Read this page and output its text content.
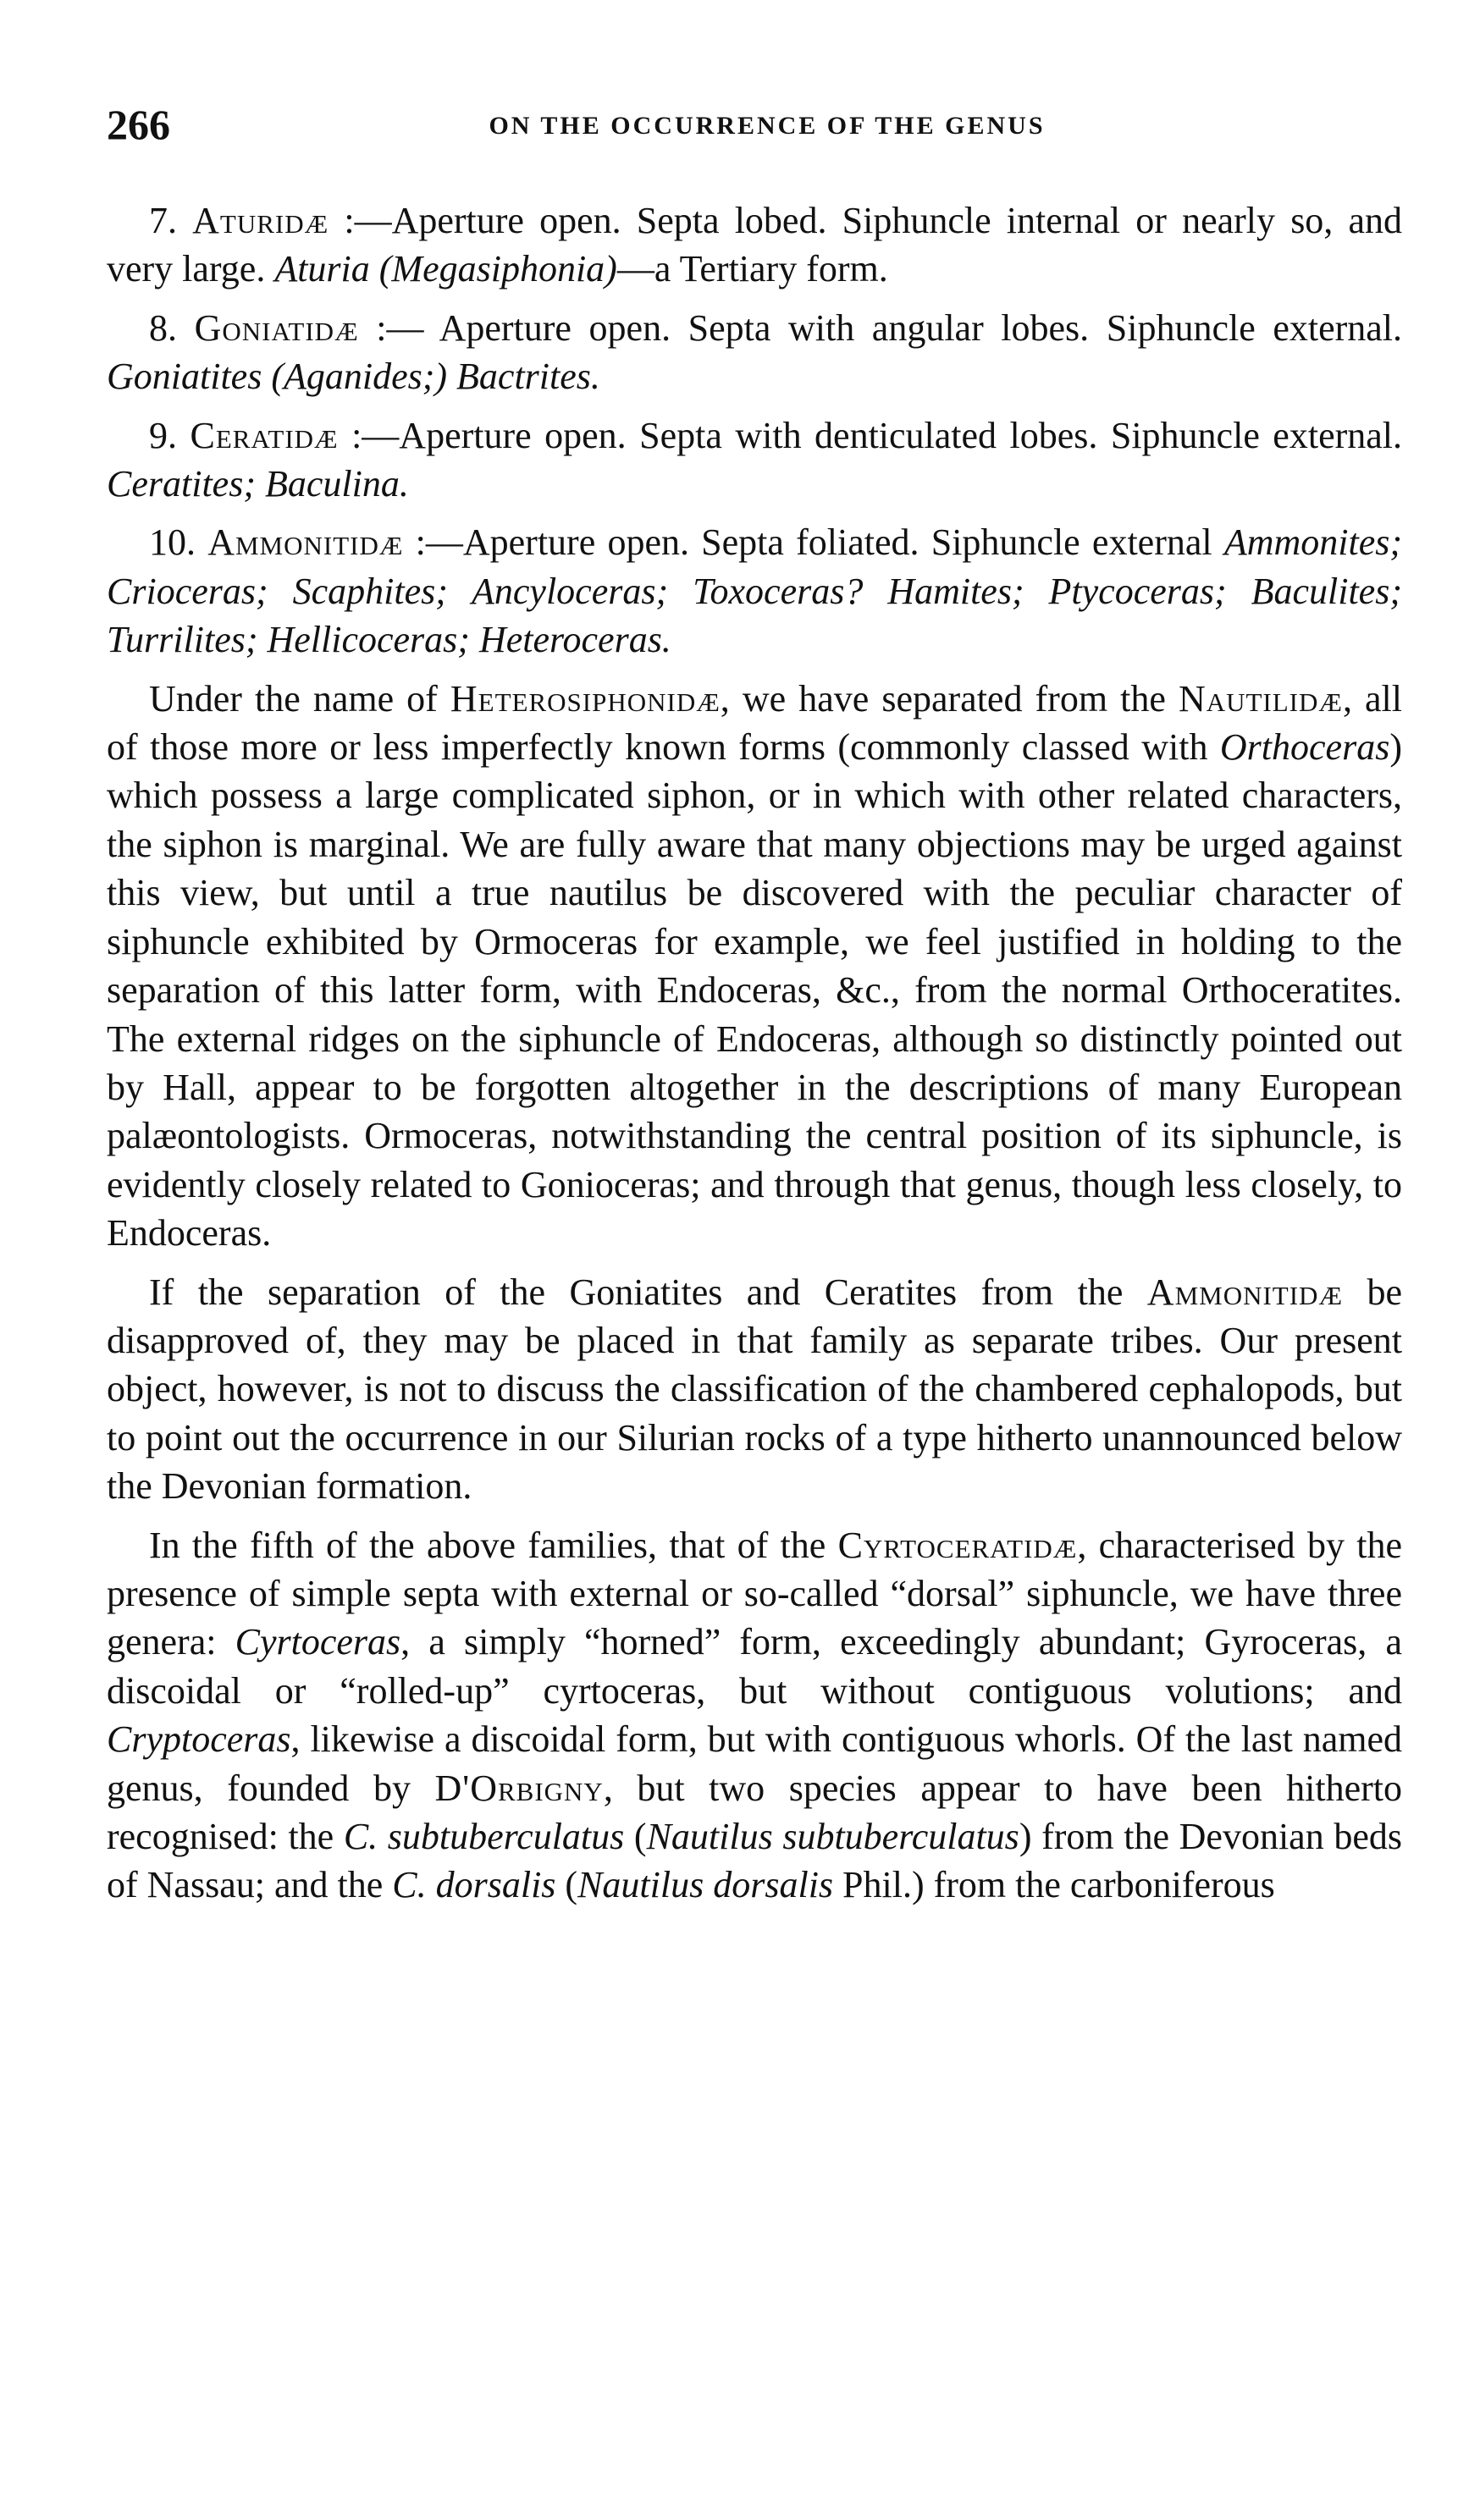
266	ON THE OCCURRENCE OF THE GENUS

7. Aturidæ :—Aperture open. Septa lobed. Siphuncle internal or nearly so, and very large. Aturia (Megasiphonia)—a Tertiary form.

8. Goniatidæ :— Aperture open. Septa with angular lobes. Siphuncle external. Goniatites (Aganides;) Bactrites.

9. Ceratidæ :—Aperture open. Septa with denticulated lobes. Siphuncle external. Ceratites; Baculina.

10. Ammonitidæ :—Aperture open. Septa foliated. Siphuncle external Ammonites; Crioceras; Scaphites; Ancyloceras; Toxoceras? Hamites; Ptycoceras; Baculites; Turrilites; Hellicoceras; Heteroceras.

Under the name of Heterosiphonidæ, we have separated from the Nautilidæ, all of those more or less imperfectly known forms (commonly classed with Orthoceras) which possess a large complicated siphon, or in which with other related characters, the siphon is marginal. We are fully aware that many objections may be urged against this view, but until a true nautilus be discovered with the peculiar character of siphuncle exhibited by Ormoceras for example, we feel justified in holding to the separation of this latter form, with Endoceras, &c., from the normal Orthoceratites. The external ridges on the siphuncle of Endoceras, although so distinctly pointed out by Hall, appear to be forgotten altogether in the descriptions of many European palæontologists. Ormoceras, notwithstanding the central position of its siphuncle, is evidently closely related to Gonioceras; and through that genus, though less closely, to Endoceras.

If the separation of the Goniatites and Ceratites from the Ammonitidæ be disapproved of, they may be placed in that family as separate tribes. Our present object, however, is not to discuss the classification of the chambered cephalopods, but to point out the occurrence in our Silurian rocks of a type hitherto unannounced below the Devonian formation.

In the fifth of the above families, that of the Cyrtoceratidæ, characterised by the presence of simple septa with external or so-called “dorsal” siphuncle, we have three genera: Cyrtoceras, a simply “horned” form, exceedingly abundant; Gyroceras, a discoidal or “rolled-up” cyrtoceras, but without contiguous volutions; and Cryptoceras, likewise a discoidal form, but with contiguous whorls. Of the last named genus, founded by D'Orbigny, but two species appear to have been hitherto recognised: the C. subtuberculatus (Nautilus subtuberculatus) from the Devonian beds of Nassau; and the C. dorsalis (Nautilus dorsalis Phil.) from the carboniferous
